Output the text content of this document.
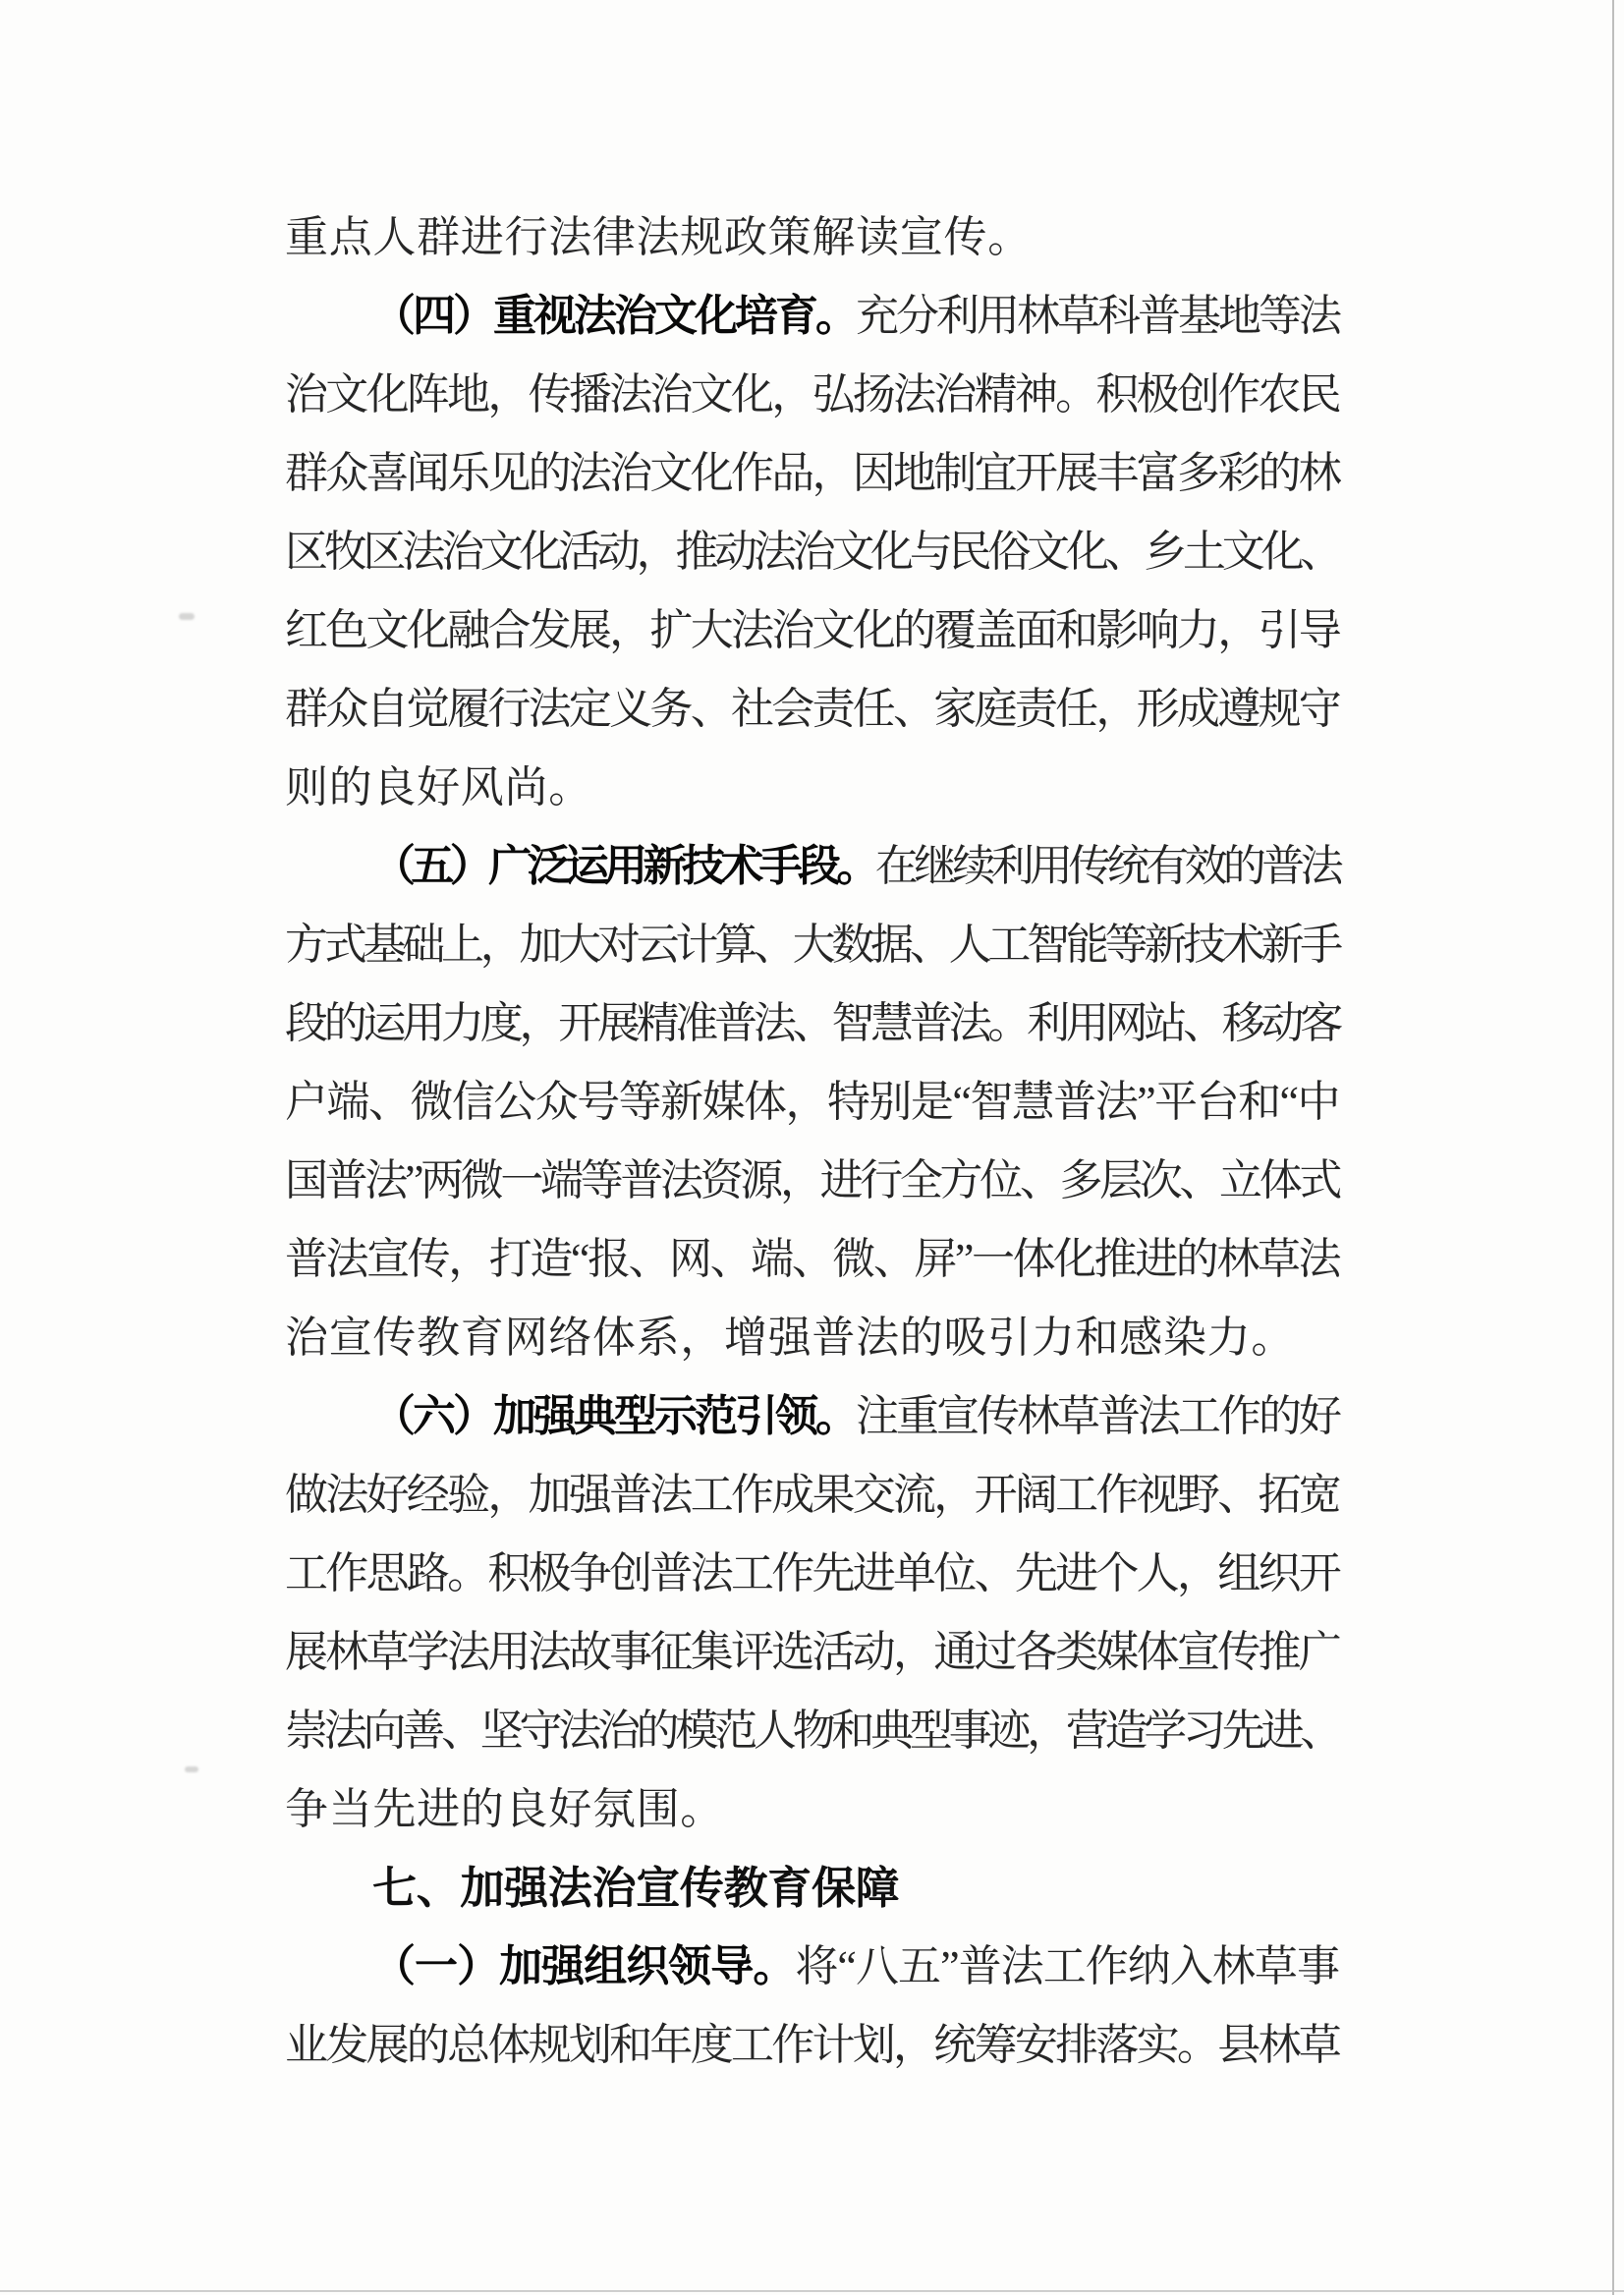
重点人群进行法律法规政策解读宣传。
（四）重视法治文化培育。充分利用林草科普基地等法
治文化阵地，传播法治文化，弘扬法治精神。积极创作农民
群众喜闻乐见的法治文化作品，因地制宜开展丰富多彩的林
区牧区法治文化活动，推动法治文化与民俗文化、乡土文化、
红色文化融合发展，扩大法治文化的覆盖面和影响力，引导
群众自觉履行法定义务、社会责任、家庭责任，形成遵规守
则的良好风尚。
（五）广泛运用新技术手段。在继续利用传统有效的普法
方式基础上，加大对云计算、大数据、人工智能等新技术新手
段的运用力度，开展精准普法、智慧普法。利用网站、移动客
户端、微信公众号等新媒体，特别是“智慧普法”平台和“中
国普法”两微一端等普法资源，进行全方位、多层次、立体式
普法宣传，打造“报、网、端、微、屏”一体化推进的林草法
治宣传教育网络体系，增强普法的吸引力和感染力。
（六）加强典型示范引领。注重宣传林草普法工作的好
做法好经验，加强普法工作成果交流，开阔工作视野、拓宽
工作思路。积极争创普法工作先进单位、先进个人，组织开
展林草学法用法故事征集评选活动，通过各类媒体宣传推广
崇法向善、坚守法治的模范人物和典型事迹，营造学习先进、
争当先进的良好氛围。
七、加强法治宣传教育保障
（一）加强组织领导。将“八五”普法工作纳入林草事
业发展的总体规划和年度工作计划，统筹安排落实。县林草
